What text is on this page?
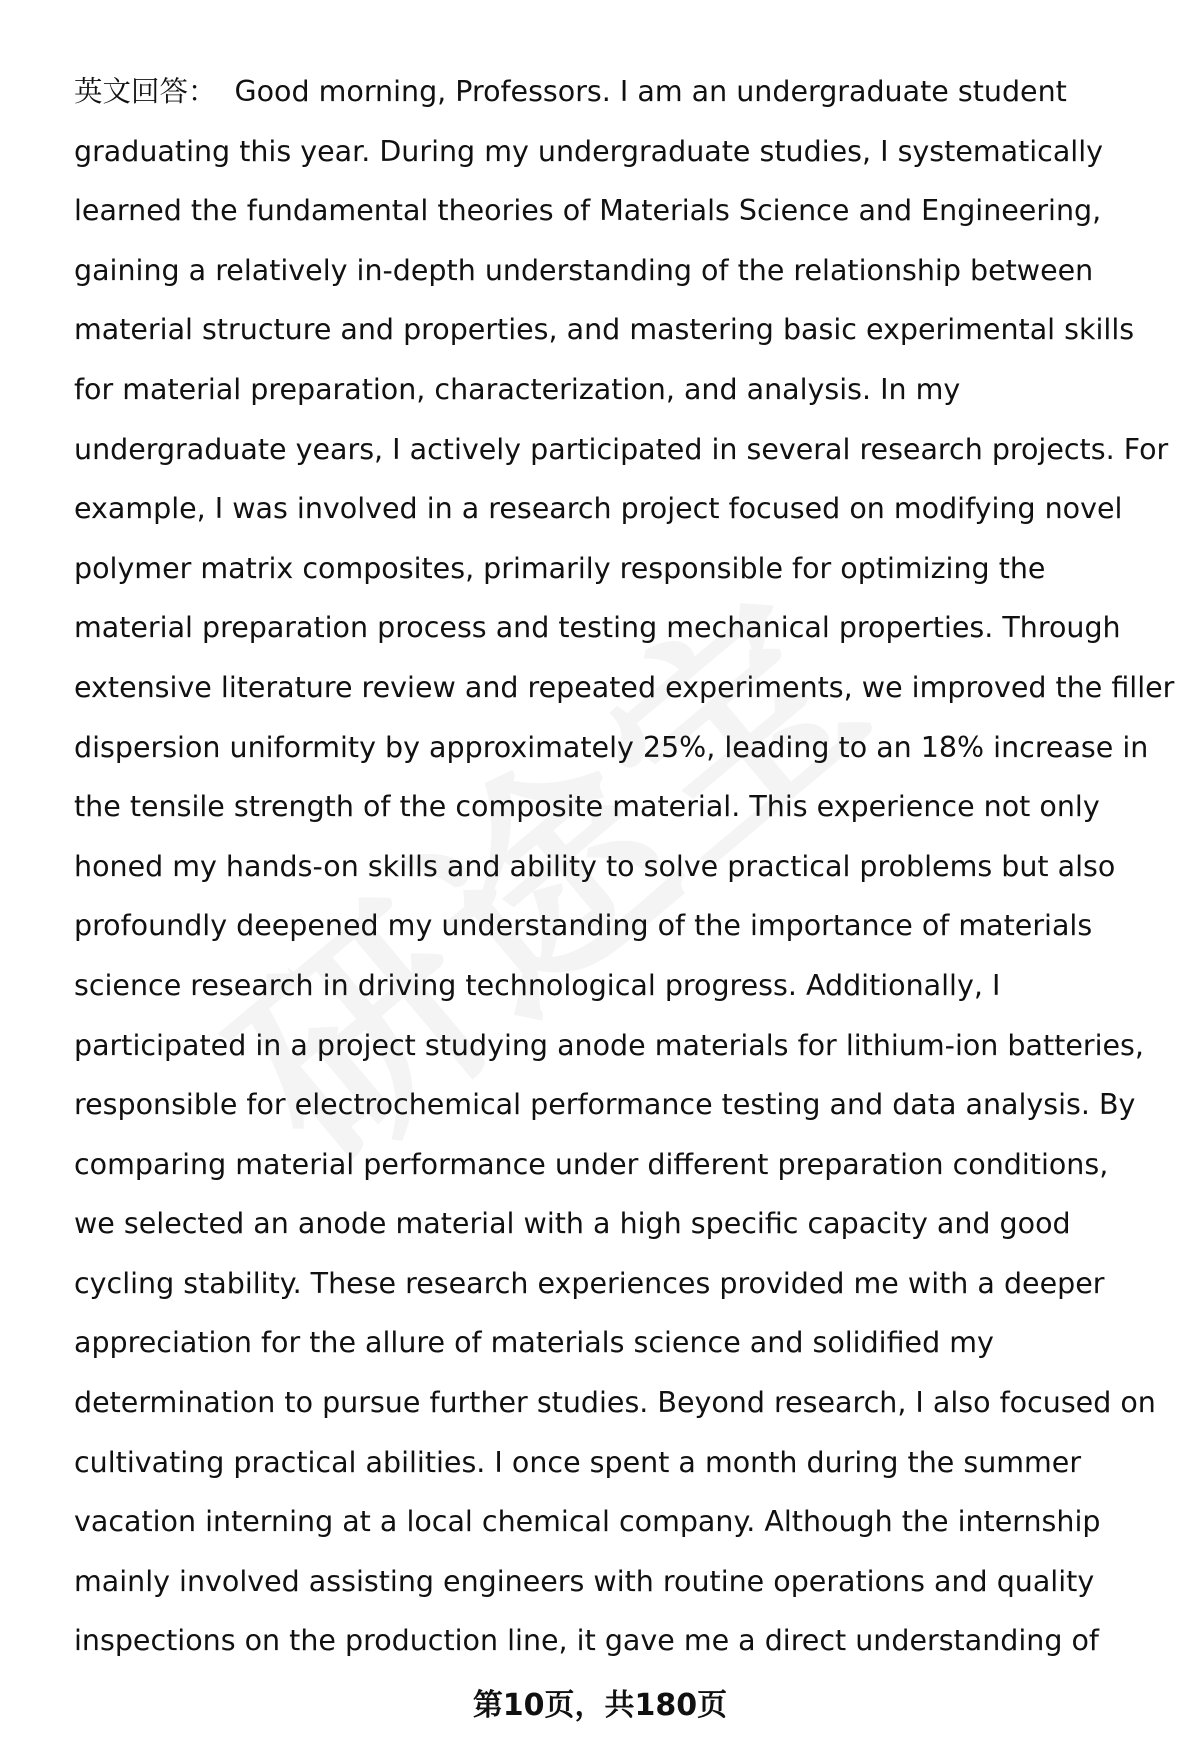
英文回答： Good morning, Professors. I am an undergraduate student
graduating this year. During my undergraduate studies, I systematically
learned the fundamental theories of Materials Science and Engineering,
gaining a relatively in-depth understanding of the relationship between
material structure and properties, and mastering basic experimental skills
for material preparation, characterization, and analysis. In my
undergraduate years, I actively participated in several research projects. For
example, I was involved in a research project focused on modifying novel
polymer matrix composites, primarily responsible for optimizing the
material preparation process and testing mechanical properties. Through
extensive literature review and repeated experiments, we improved the filler
dispersion uniformity by approximately 25%, leading to an 18% increase in
the tensile strength of the composite material. This experience not only
honed my hands-on skills and ability to solve practical problems but also
profoundly deepened my understanding of the importance of materials
science research in driving technological progress. Additionally, I
participated in a project studying anode materials for lithium-ion batteries,
responsible for electrochemical performance testing and data analysis. By
comparing material performance under different preparation conditions,
we selected an anode material with a high specific capacity and good
cycling stability. These research experiences provided me with a deeper
appreciation for the allure of materials science and solidified my
determination to pursue further studies. Beyond research, I also focused on
cultivating practical abilities. I once spent a month during the summer
vacation interning at a local chemical company. Although the internship
mainly involved assisting engineers with routine operations and quality
inspections on the production line, it gave me a direct understanding of
第10页，共180页
